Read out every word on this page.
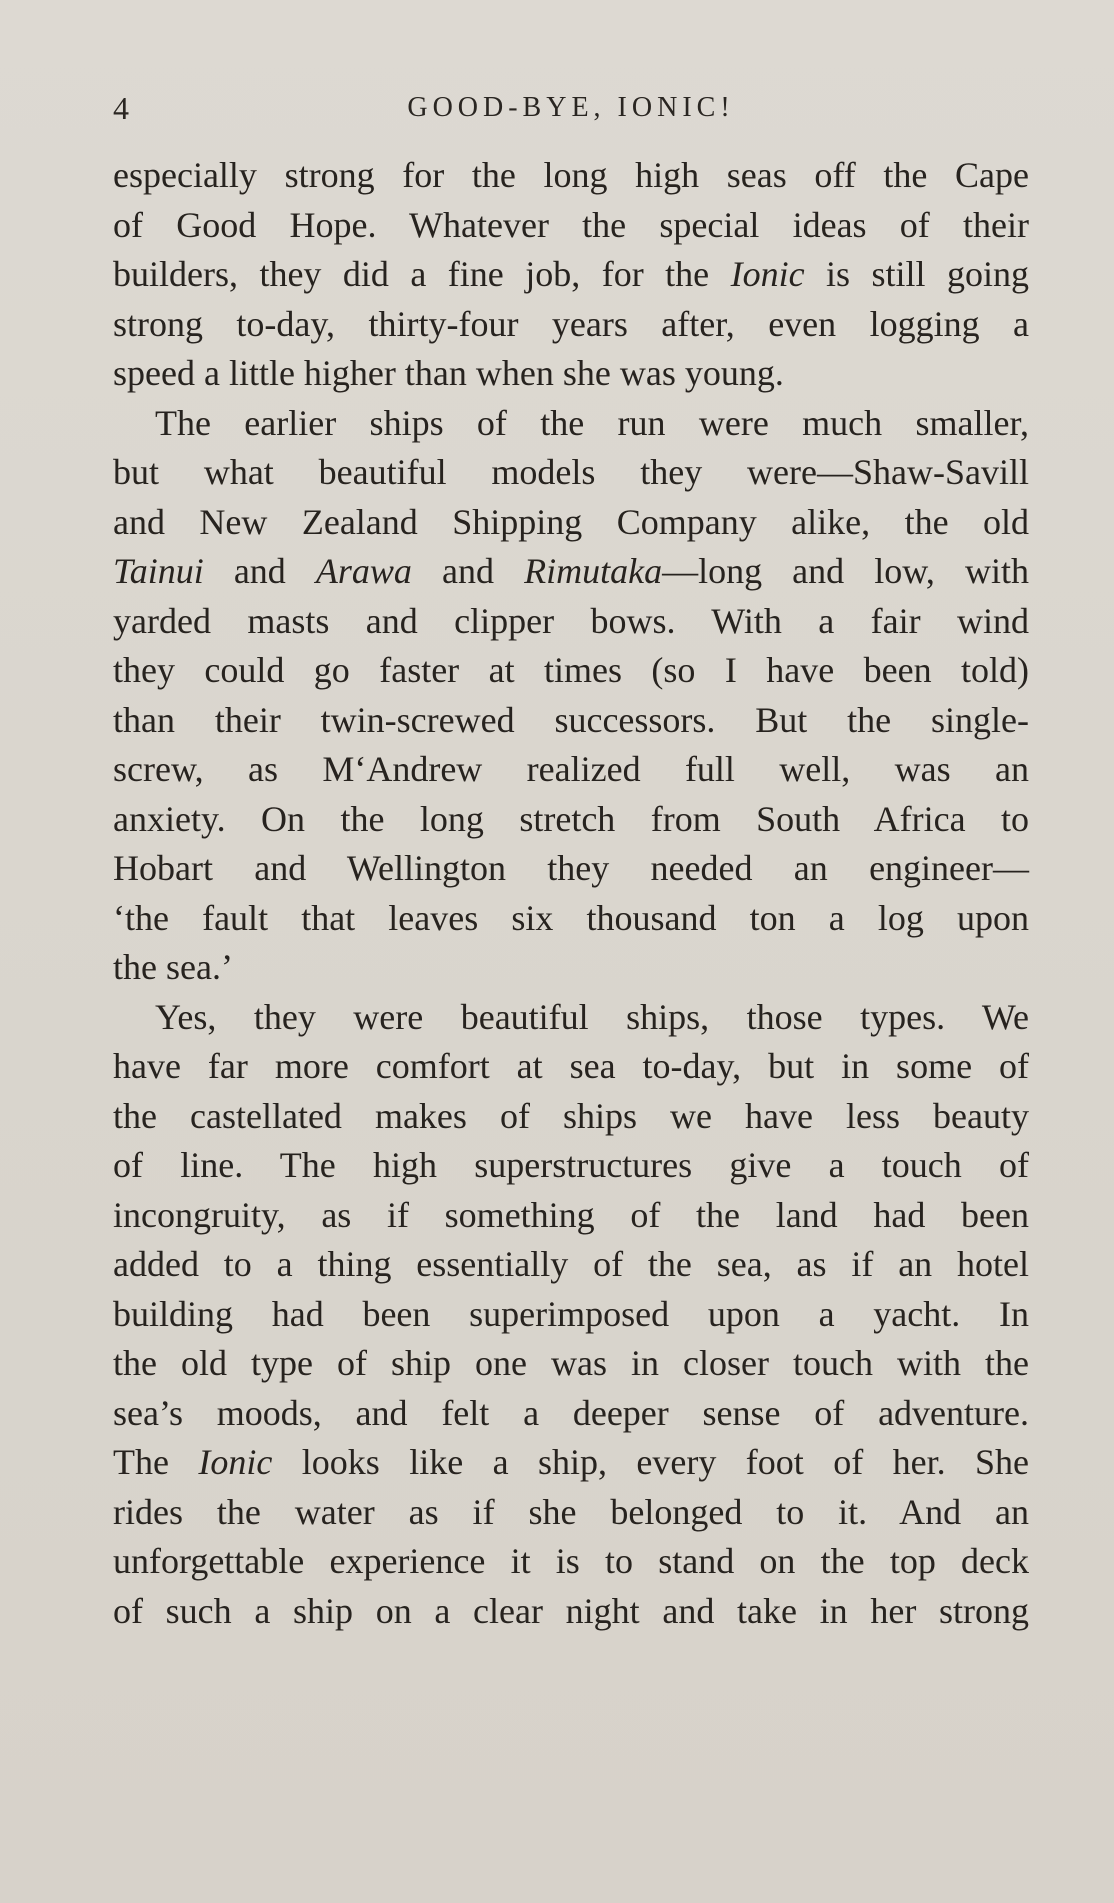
4	GOOD-BYE, IONIC!
especially strong for the long high seas off the Cape
of Good Hope. Whatever the special ideas of their
builders, they did a fine job, for the Ionic is still going
strong to-day, thirty-four years after, even logging a
speed a little higher than when she was young.
The earlier ships of the run were much smaller,
but what beautiful models they were—Shaw-Savill
and New Zealand Shipping Company alike, the old
Tainui and Arawa and Rimutaka—long and low, with
yarded masts and clipper bows. With a fair wind
they could go faster at times (so I have been told)
than their twin-screwed successors. But the single-
screw, as M‘Andrew realized full well, was an
anxiety. On the long stretch from South Africa to
Hobart and Wellington they needed an engineer—
‘the fault that leaves six thousand ton a log upon
the sea.’
Yes, they were beautiful ships, those types. We
have far more comfort at sea to-day, but in some of
the castellated makes of ships we have less beauty
of line. The high superstructures give a touch of
incongruity, as if something of the land had been
added to a thing essentially of the sea, as if an hotel
building had been superimposed upon a yacht. In
the old type of ship one was in closer touch with the
sea’s moods, and felt a deeper sense of adventure.
The Ionic looks like a ship, every foot of her. She
rides the water as if she belonged to it. And an
unforgettable experience it is to stand on the top deck
of such a ship on a clear night and take in her strong
